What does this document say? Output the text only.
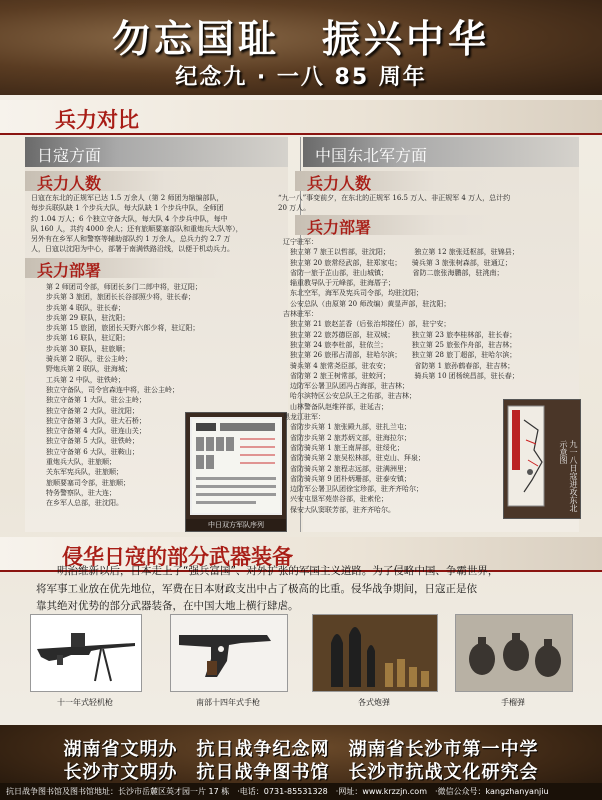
勿忘国耻　振兴中华
纪念九 · 一八 85 周年
兵力对比
日寇方面
兵力人数
日寇在东北的正规军已达 1.5 万余人（第 2 师团为缩编部队，
每步兵联队缺 1 个步兵大队，每大队缺 1 个步兵中队，全师团
约 1.04 万人；6 个独立守备大队，每大队 4 个步兵中队，每中
队 160 人，共约 4000 余人；还有旅顺要塞部队和重炮兵大队等），
另外有在乡军人和警察等辅助部队约 1 万余人，总兵力约 2.7 万
人，日寇以沈阳为中心，部署于南满铁路沿线，以便于机动兵力。
兵力部署
第 2 师团司令部，师团长多门二郎中将，驻辽阳；
步兵第 3 旅团，旅团长长谷部照少将，驻长春；
步兵第 4 联队，驻长春；
步兵第 29 联队，驻沈阳；
步兵第 15 旅团，旅团长天野六郎少将，驻辽阳；
步兵第 16 联队，驻辽阳；
步兵第 30 联队，驻旅顺；
骑兵第 2 联队，驻公主岭；
野炮兵第 2 联队，驻海城；
工兵第 2 中队，驻铁岭；
独立守备队，司令官森连中将，驻公主岭；
独立守备第 1 大队，驻公主岭；
独立守备第 2 大队，驻沈阳；
独立守备第 3 大队，驻大石桥；
独立守备第 4 大队，驻连山关；
独立守备第 5 大队，驻铁岭；
独立守备第 6 大队，驻鞍山；
重炮兵大队，驻旅顺；
关东军宪兵队，驻旅顺；
旅顺要塞司令部，驻旅顺；
特务警察队，驻大连；
在乡军人总部，驻沈阳。
中日双方军队序列
中国东北军方面
兵力人数
“九一八”事变前夕，在东北的正规军 16.5 万人、非正规军 4 万人，总计约
20 万人。
兵力部署
辽宁驻军：
　独立第 7 旅王以哲部，驻沈阳；　　　　独立第 12 旅张廷枢部，驻锦县；
　独立第 20 旅常经武部，驻郑家屯；　　骑兵第 3 旅张树森部，驻通辽；
　省防一旅于芷山部，驻山城镇；　　　　省防二旅张海鹏部，驻洮南；
　辎重教导队于元峰部，驻海厝子；
　东北空军，海军及宪兵司令部，均驻沈阳；
　公安总队（由原第 20 师改编）黄显声部，驻沈阳；
吉林驻军：
　独立第 21 旅赵芷香（后张治邦接任）部，驻宁安；
　独立第 22 旅苏德臣部，驻双城；　　　独立第 23 旅李桂林部，驻长春；
　独立第 24 旅李杜部，驻依兰；　　　　独立第 25 旅张作舟部，驻吉林；
　独立第 26 旅邢占清部，驻哈尔滨；　　独立第 28 旅丁超部，驻哈尔滨；
　骑兵第 4 旅常尧臣部，驻农安；　　　　省防第 1 旅孙鹤春部，驻吉林；
　省防第 2 旅王树常部，驻蛟河；　　　　骑兵第 10 团杨统昌部，驻长春；
　边防军公署卫队团冯占海部，驻吉林；
　哈尔滨特区公安总队王之佑部，驻吉林；
　山林警备队赵维祥部，驻延吉；
黑龙江驻军：
　省防步兵第 1 旅张殿九部，驻扎兰屯；
　省防步兵第 2 旅苏炳文部，驻海拉尔；
　省防骑兵第 1 旅王南屏部，驻绥化；
　省防骑兵第 2 旅吴松林部，驻克山、拜泉；
　省防骑兵第 2 旅程志远部，驻满洲里；
　省防骑兵第 9 团朴炳珊部，驻泰安镇；
　边防军公署卫队团徐宝珍部，驻齐齐哈尔；
　兴安屯垦军苑崇谷部，驻索伦；
　保安大队窦联芳部，驻齐齐哈尔。	九一八日寇进攻东北示意图
侵华日寇的部分武器装备
　　明治维新以后，日本走上了“强兵富国”、对外扩张的军国主义道路。为了侵略中国、争霸世界，
将军事工业放在优先地位，军费在日本财政支出中占了极高的比重。侵华战争期间，日寇正是依
靠其绝对优势的部分武器装备，在中国大地上横行肆虐。
十一年式轻机枪	南部十四年式手枪	各式炮弹	手榴弹
湖南省文明办　抗日战争纪念网　湖南省长沙市第一中学
长沙市文明办　抗日战争图书馆　长沙市抗战文化研究会
抗日战争图书馆及图书馆地址：长沙市岳麓区英才园一片 17 栋　·电话：0731-85531328　·网址：www.krzzjn.com　·微信公众号：kangzhanyanjiu
